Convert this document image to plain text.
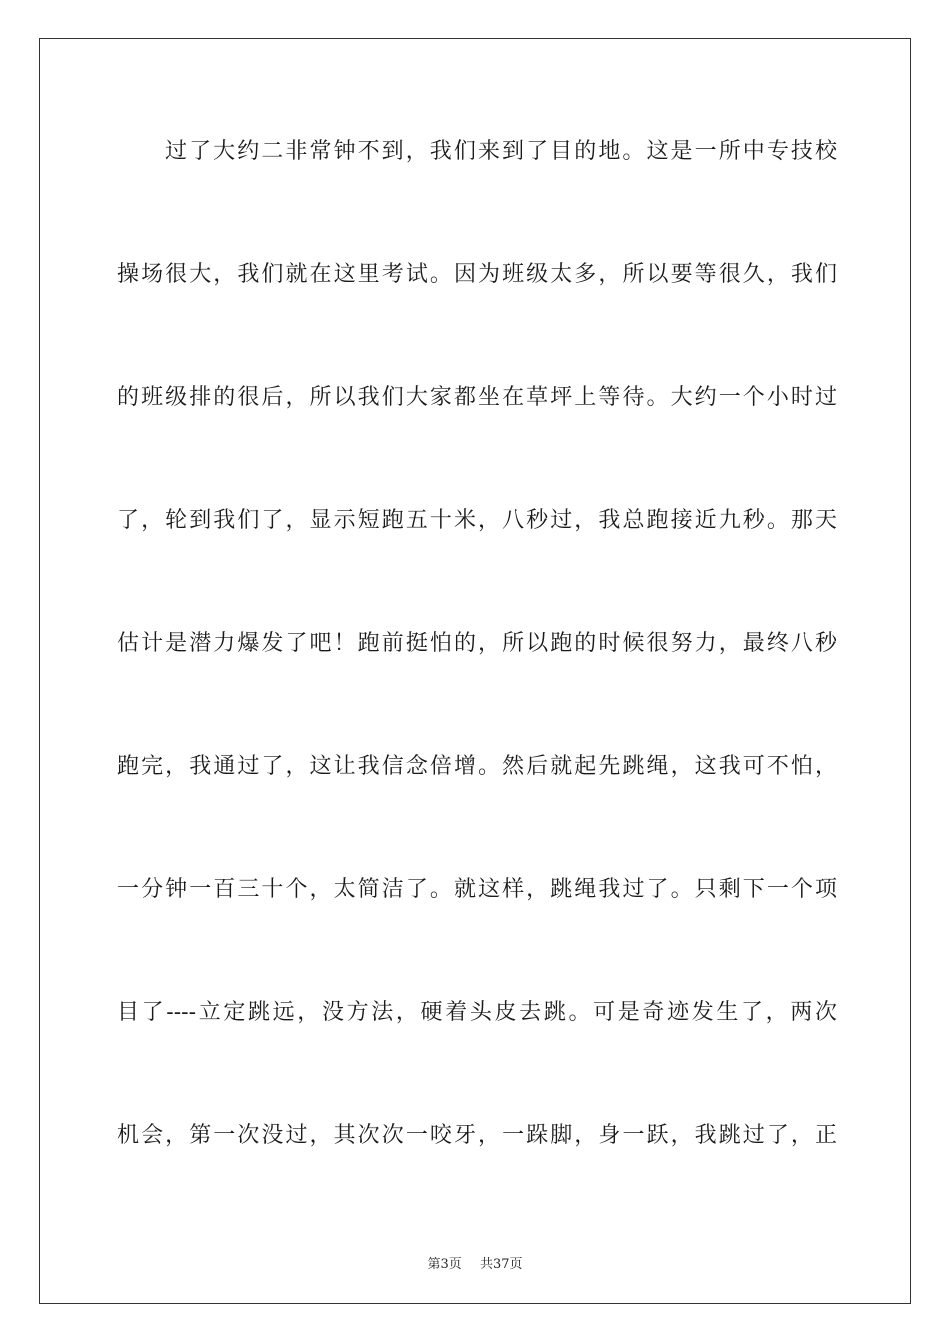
过了大约二非常钟不到，我们来到了目的地。这是一所中专技校
操场很大，我们就在这里考试。因为班级太多，所以要等很久，我们
的班级排的很后，所以我们大家都坐在草坪上等待。大约一个小时过
了，轮到我们了，显示短跑五十米，八秒过，我总跑接近九秒。那天
估计是潜力爆发了吧！跑前挺怕的，所以跑的时候很努力，最终八秒
跑完，我通过了，这让我信念倍增。然后就起先跳绳，这我可不怕，
一分钟一百三十个，太简洁了。就这样，跳绳我过了。只剩下一个项
目了----立定跳远，没方法，硬着头皮去跳。可是奇迹发生了，两次
机会，第一次没过，其次次一咬牙，一跺脚，身一跃，我跳过了，正
第3页 共37页
